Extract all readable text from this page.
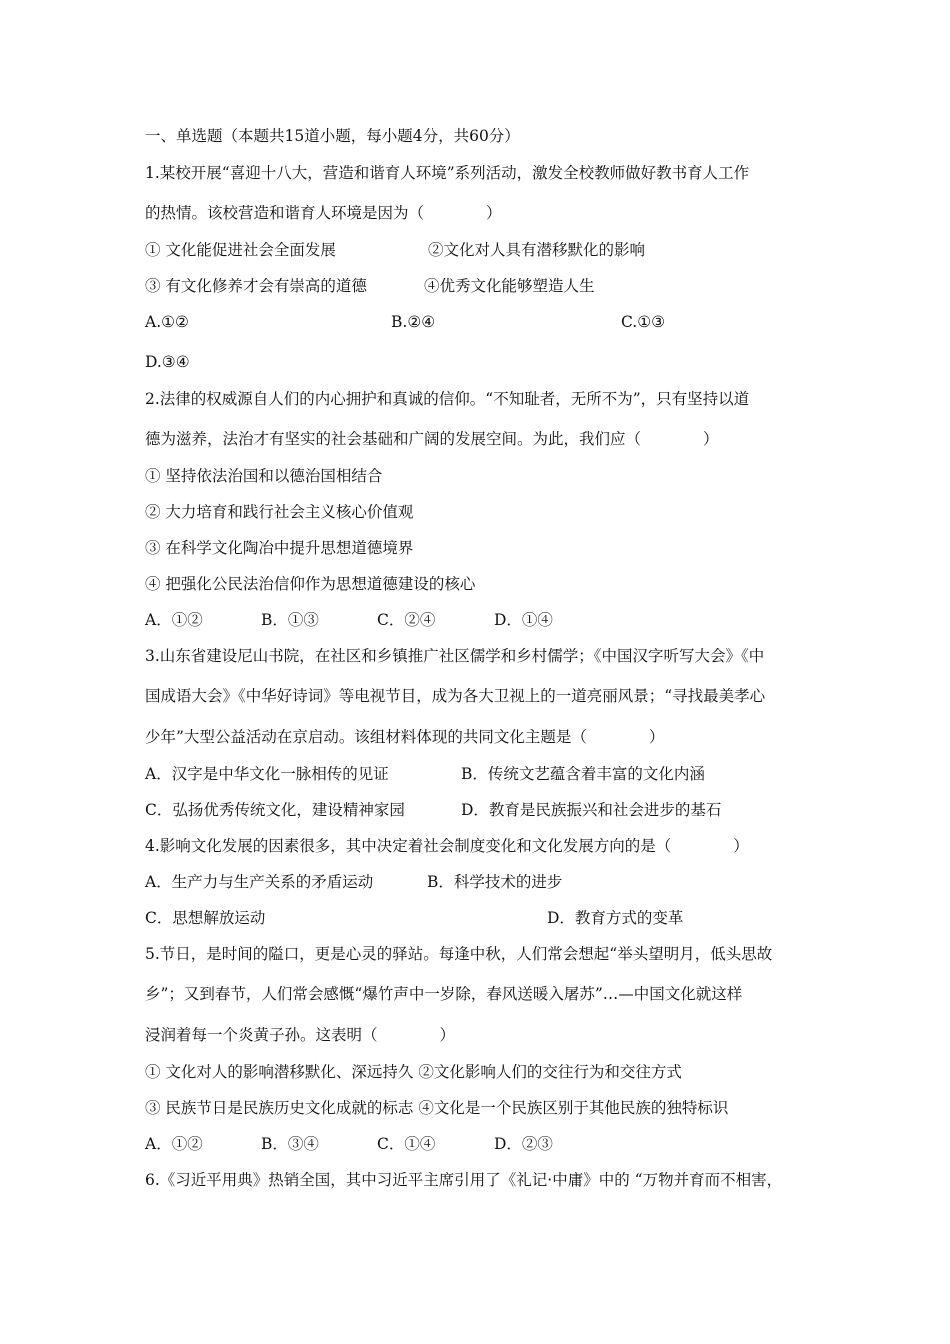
一、单选题（本题共15道小题，每小题4分，共60分）
1.某校开展“喜迎十八大，营造和谐育人环境”系列活动，激发全校教师做好教书育人工作
的热情。该校营造和谐育人环境是因为（　　　　）
① 文化能促进社会全面发展	②文化对人具有潜移默化的影响
③ 有文化修养才会有崇高的道德	④优秀文化能够塑造人生
A.①②	B.②④	C.①③
D.③④
2.法律的权威源自人们的内心拥护和真诚的信仰。“不知耻者，无所不为”，只有坚持以道
德为滋养，法治才有坚实的社会基础和广阔的发展空间。为此，我们应（　　　　）
① 坚持依法治国和以德治国相结合
② 大力培育和践行社会主义核心价值观
③ 在科学文化陶冶中提升思想道德境界
④ 把强化公民法治信仰作为思想道德建设的核心
A．①②	B．①③	C．②④	D．①④
3.山东省建设尼山书院，在社区和乡镇推广社区儒学和乡村儒学；《中国汉字听写大会》《中
国成语大会》《中华好诗词》等电视节目，成为各大卫视上的一道亮丽风景；“寻找最美孝心
少年”大型公益活动在京启动。该组材料体现的共同文化主题是（　　　　）
A．汉字是中华文化一脉相传的见证	B．传统文艺蕴含着丰富的文化内涵
C．弘扬优秀传统文化，建设精神家园	D．教育是民族振兴和社会进步的基石
4.影响文化发展的因素很多，其中决定着社会制度变化和文化发展方向的是（　　　　）
A．生产力与生产关系的矛盾运动	B．科学技术的进步
C．思想解放运动	D．教育方式的变革
5.节日，是时间的隘口，更是心灵的驿站。每逢中秋，人们常会想起“举头望明月，低头思故
乡”；又到春节，人们常会感慨“爆竹声中一岁除，春风送暖入屠苏”…—中国文化就这样
浸润着每一个炎黄子孙。这表明（　　　　）
① 文化对人的影响潜移默化、深远持久 ②文化影响人们的交往行为和交往方式
③ 民族节日是民族历史文化成就的标志 ④文化是一个民族区别于其他民族的独特标识
A．①②	B．③④	C．①④	D．②③
6.《习近平用典》热销全国，其中习近平主席引用了《礼记·中庸》中的 “万物并育而不相害，
